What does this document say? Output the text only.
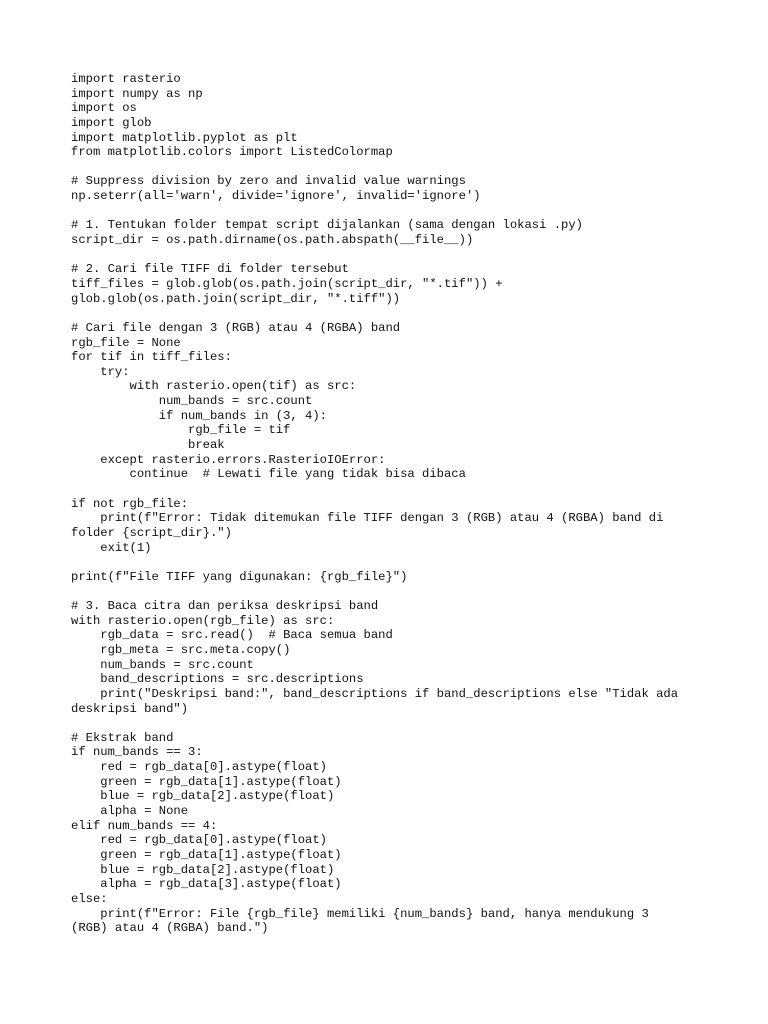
import rasterio
import numpy as np
import os
import glob
import matplotlib.pyplot as plt
from matplotlib.colors import ListedColormap
# Suppress division by zero and invalid value warnings
np.seterr(all='warn', divide='ignore', invalid='ignore')
# 1. Tentukan folder tempat script dijalankan (sama dengan lokasi .py)
script_dir = os.path.dirname(os.path.abspath(__file__))
# 2. Cari file TIFF di folder tersebut
tiff_files = glob.glob(os.path.join(script_dir, "*.tif")) +
glob.glob(os.path.join(script_dir, "*.tiff"))
# Cari file dengan 3 (RGB) atau 4 (RGBA) band
rgb_file = None
for tif in tiff_files:
try:
with rasterio.open(tif) as src:
num_bands = src.count
if num_bands in (3, 4):
rgb_file = tif
break
except rasterio.errors.RasterioIOError:
continue  # Lewati file yang tidak bisa dibaca
if not rgb_file:
print(f"Error: Tidak ditemukan file TIFF dengan 3 (RGB) atau 4 (RGBA) band di
folder {script_dir}.")
exit(1)
print(f"File TIFF yang digunakan: {rgb_file}")
# 3. Baca citra dan periksa deskripsi band
with rasterio.open(rgb_file) as src:
rgb_data = src.read()  # Baca semua band
rgb_meta = src.meta.copy()
num_bands = src.count
band_descriptions = src.descriptions
print("Deskripsi band:", band_descriptions if band_descriptions else "Tidak ada
deskripsi band")
# Ekstrak band
if num_bands == 3:
red = rgb_data[0].astype(float)
green = rgb_data[1].astype(float)
blue = rgb_data[2].astype(float)
alpha = None
elif num_bands == 4:
red = rgb_data[0].astype(float)
green = rgb_data[1].astype(float)
blue = rgb_data[2].astype(float)
alpha = rgb_data[3].astype(float)
else:
print(f"Error: File {rgb_file} memiliki {num_bands} band, hanya mendukung 3
(RGB) atau 4 (RGBA) band.")
